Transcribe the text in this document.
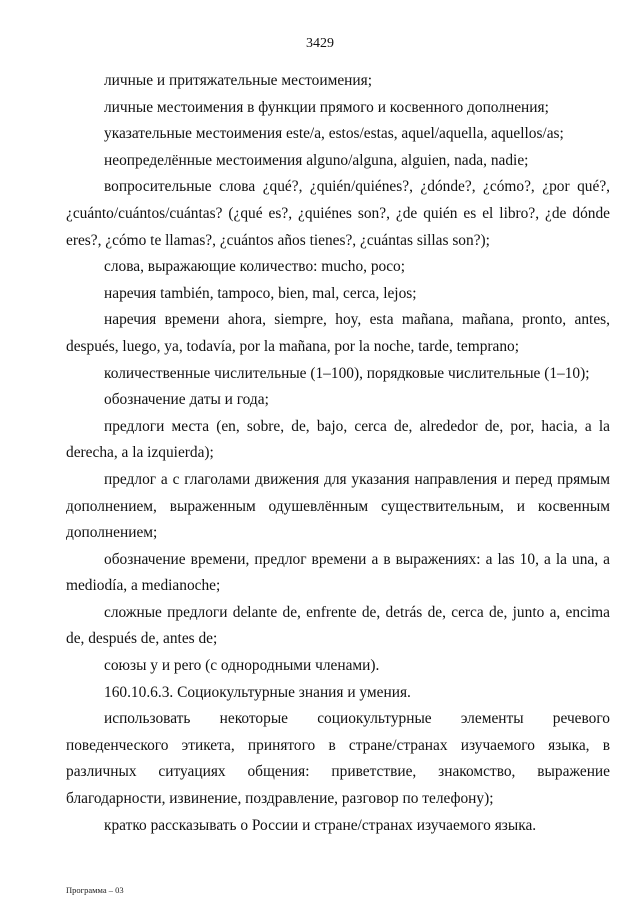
3429

личные и притяжательные местоимения;

личные местоимения в функции прямого и косвенного дополнения;

указательные местоимения este/a, estos/estas, aquel/aquella, aquellos/as;

неопределённые местоимения alguno/alguna, alguien, nada, nadie;

вопросительные слова ¿qué?, ¿quién/quiénes?, ¿dónde?, ¿cómo?, ¿por qué?, ¿cuánto/cuántos/cuántas? (¿qué es?, ¿quiénes son?, ¿de quién es el libro?, ¿de dónde eres?, ¿cómo te llamas?, ¿cuántos años tienes?, ¿cuántas sillas son?);

слова, выражающие количество: mucho, poco;

наречия también, tampoco, bien, mal, cerca, lejos;

наречия времени ahora, siempre, hoy, esta mañana, mañana, pronto, antes, después, luego, ya, todavía, por la mañana, por la noche, tarde, temprano;

количественные числительные (1–100), порядковые числительные (1–10);

обозначение даты и года;

предлоги места (en, sobre, de, bajo, cerca de, alrededor de, por, hacia, a la derecha, a la izquierda);

предлог a с глаголами движения для указания направления и перед прямым дополнением, выраженным одушевлённым существительным, и косвенным дополнением;

обозначение времени, предлог времени a в выражениях: a las 10, a la una, a mediodía, a medianoche;

сложные предлоги delante de, enfrente de, detrás de, cerca de, junto a, encima de, después de, antes de;

союзы y и pero (с однородными членами).

160.10.6.3. Социокультурные знания и умения.

использовать некоторые социокультурные элементы речевого поведенческого этикета, принятого в стране/странах изучаемого языка, в различных ситуациях общения: приветствие, знакомство, выражение благодарности, извинение, поздравление, разговор по телефону);

кратко рассказывать о России и стране/странах изучаемого языка.

Программа – 03
